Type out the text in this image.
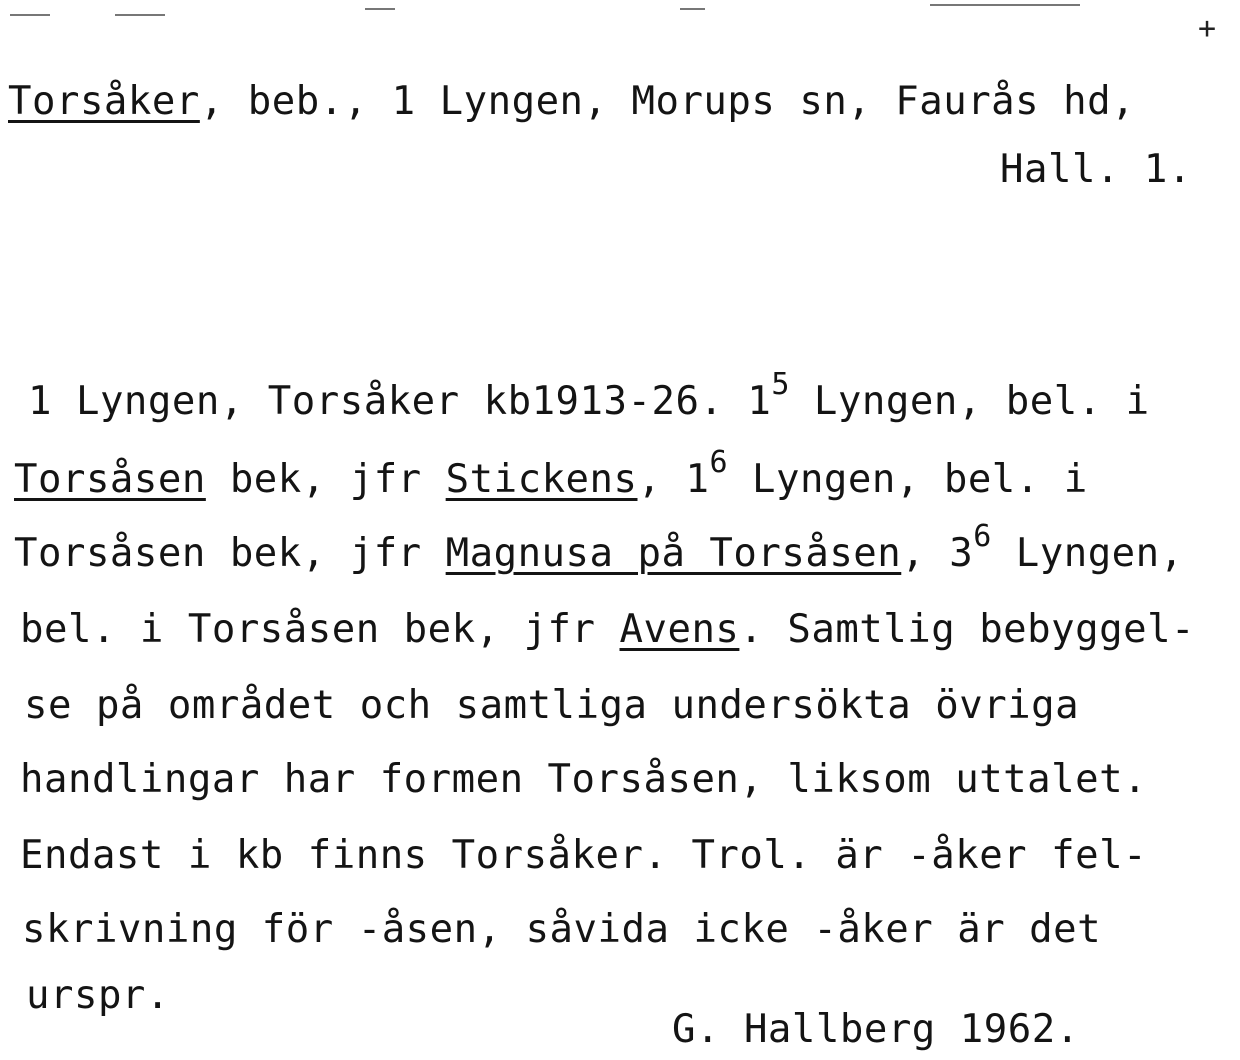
+
Torsåker, beb., 1 Lyngen, Morups sn, Faurås hd,
Hall. 1.
1 Lyngen, Torsåker kb1913-26. $1^5$ Lyngen, bel. i
Torsåsen bek, jfr Stickens, $1^6$ Lyngen, bel. i
Torsåsen bek, jfr Magnusa på Torsåsen, $3^6$ Lyngen,
bel. i Torsåsen bek, jfr Avens. Samtlig bebyggel-
se på området och samtliga undersökta övriga
handlingar har formen Torsåsen, liksom uttalet.
Endast i kb finns Torsåker. Trol. är -åker fel-
skrivning för -åsen, såvida icke -åker är det
urspr.
G. Hallberg 1962.
